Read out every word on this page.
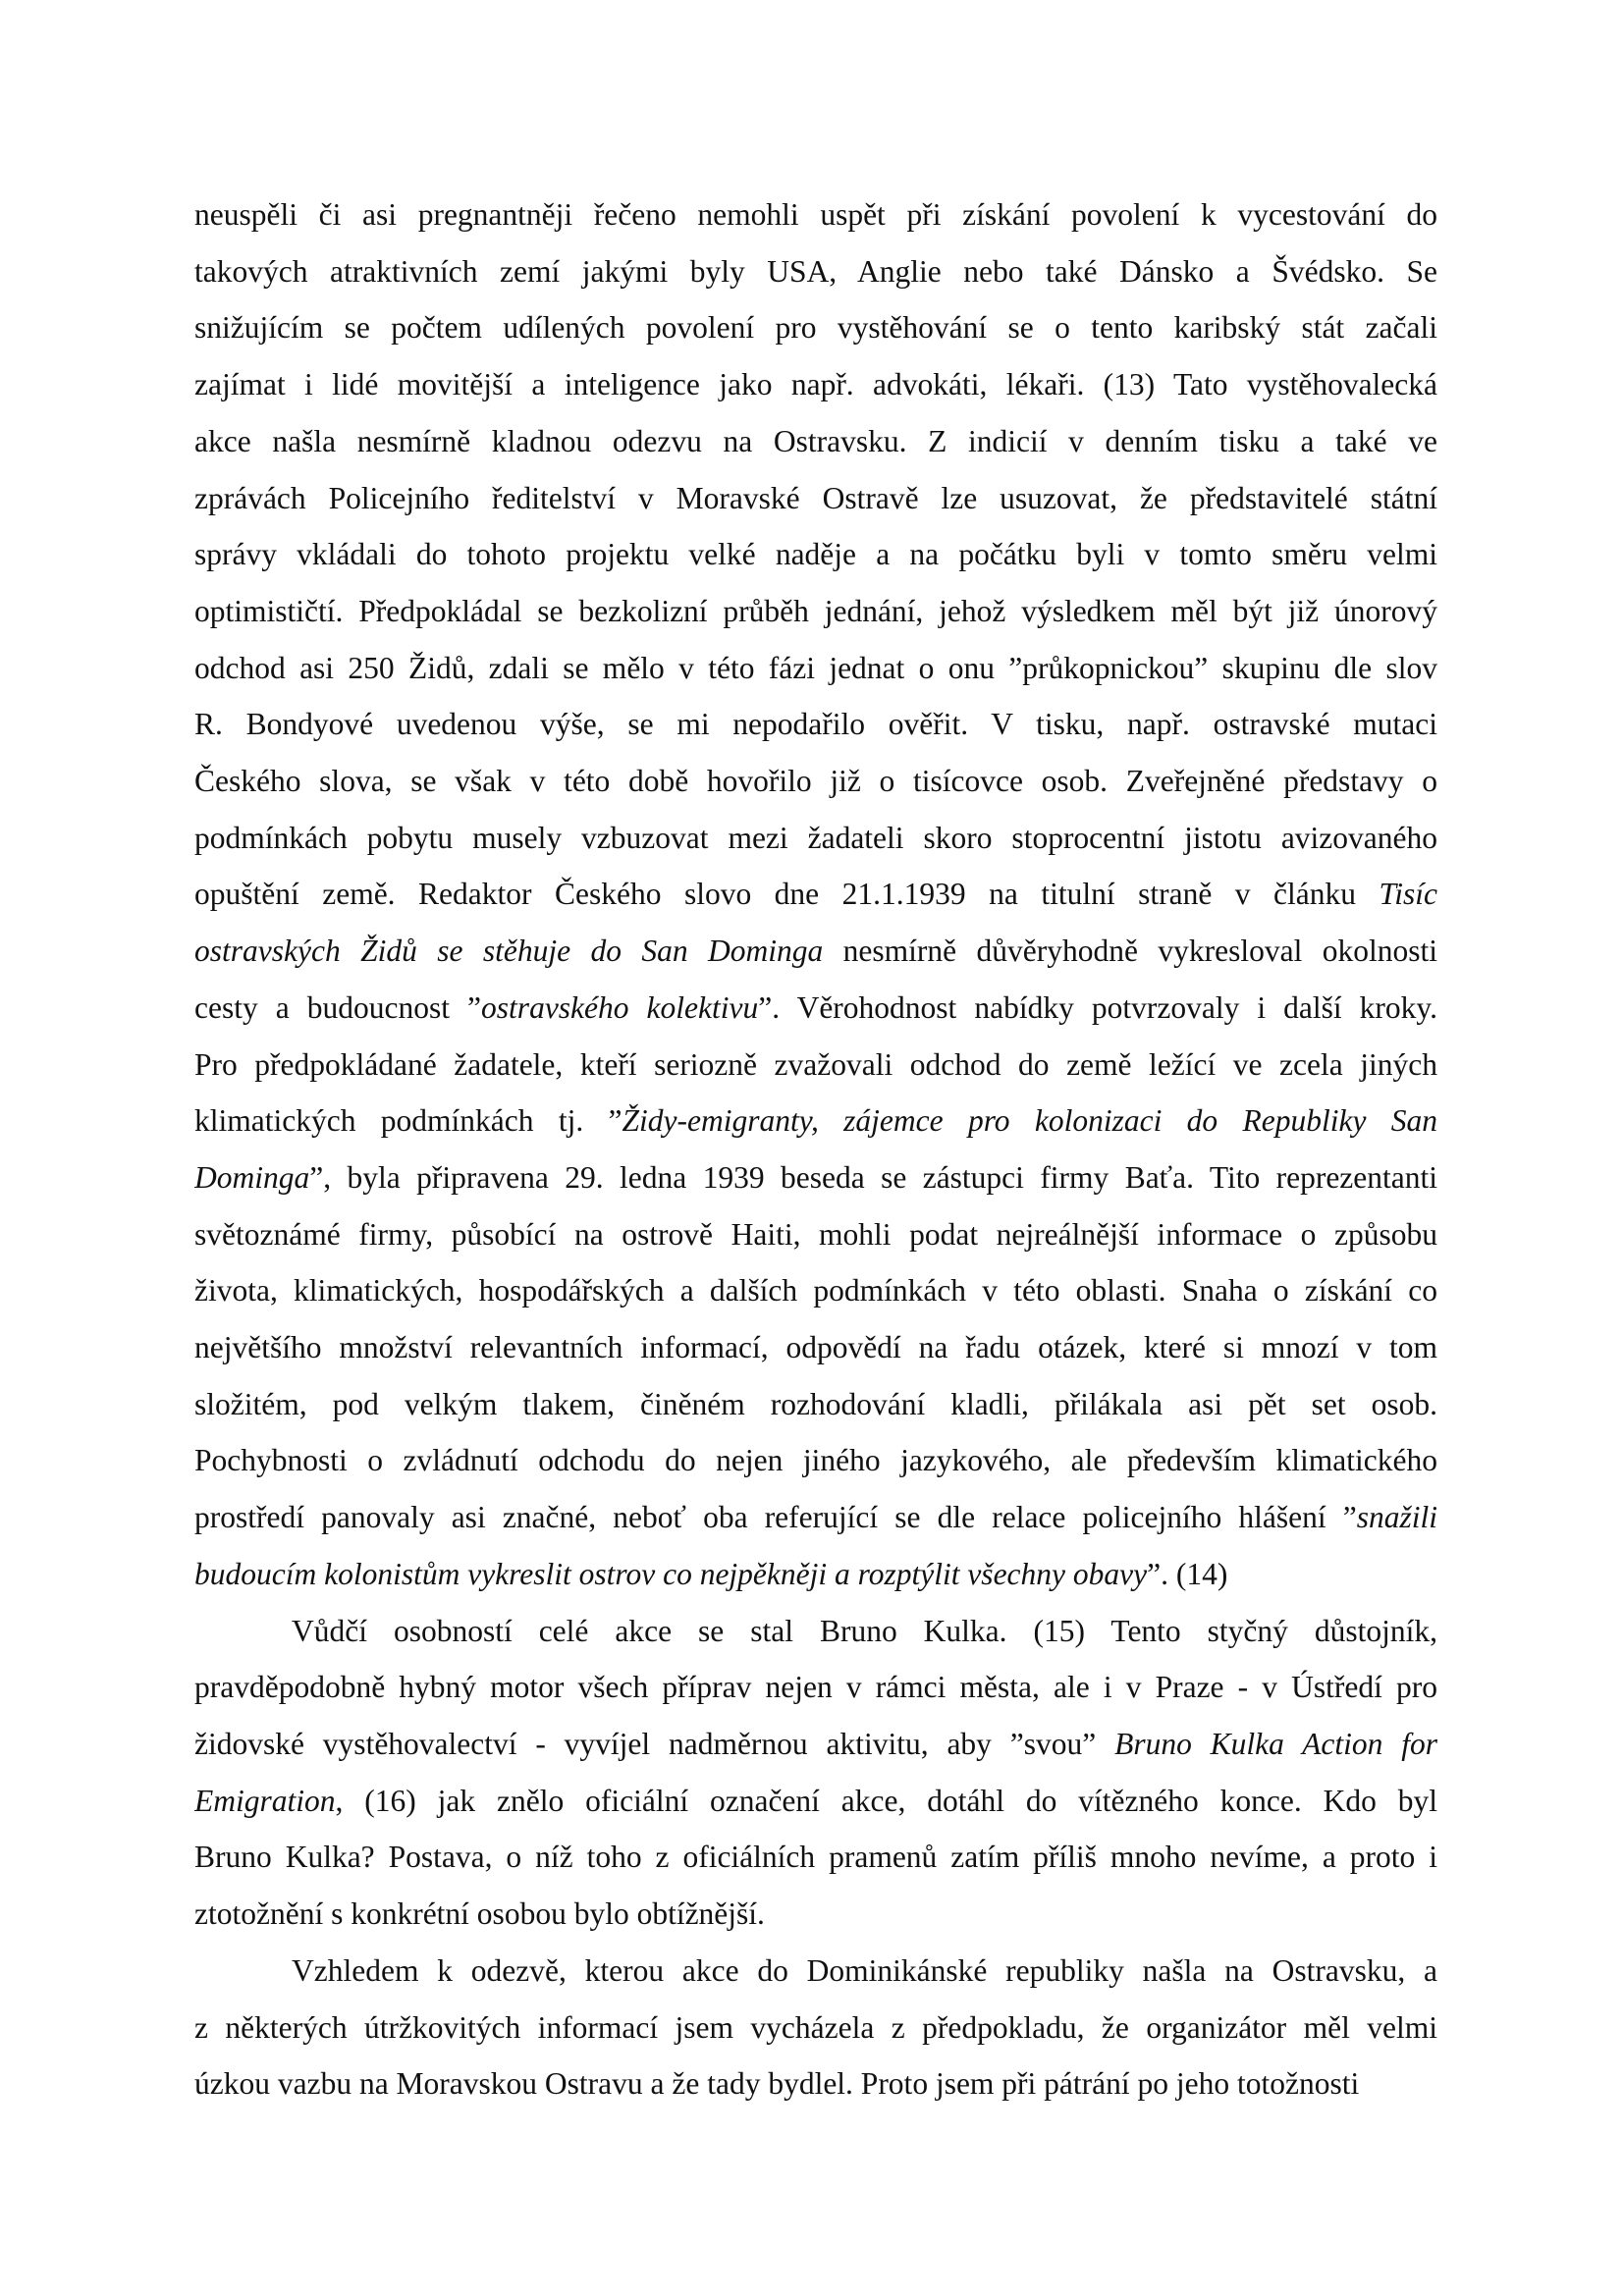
neuspěli či asi pregnantněji řečeno nemohli uspět při získání povolení k vycestování do
takových atraktivních zemí jakými byly USA, Anglie nebo také Dánsko a Švédsko. Se
snižujícím se počtem udílených povolení pro vystěhování se o tento karibský stát začali
zajímat i lidé movitější a inteligence jako např. advokáti, lékaři. (13) Tato vystěhovalecká
akce našla nesmírně kladnou odezvu na Ostravsku. Z indicií v denním tisku a také ve
zprávách Policejního ředitelství v Moravské Ostravě lze usuzovat, že představitelé státní
správy vkládali do tohoto projektu velké naděje a na počátku byli v tomto směru velmi
optimističtí. Předpokládal se bezkolizní průběh jednání, jehož výsledkem měl být již únorový
odchod asi 250 Židů, zdali se mělo v této fázi jednat o onu ”průkopnickou” skupinu dle slov
R. Bondyové uvedenou výše, se mi nepodařilo ověřit. V tisku, např. ostravské mutaci
Českého slova, se však v této době hovořilo již o tisícovce osob. Zveřejněné představy o
podmínkách pobytu musely vzbuzovat mezi žadateli skoro stoprocentní jistotu avizovaného
opuštění země. Redaktor Českého slovo dne 21.1.1939 na titulní straně v článku Tisíc
ostravských Židů se stěhuje do San Dominga nesmírně důvěryhodně vykresloval okolnosti
cesty a budoucnost ”ostravského kolektivu”. Věrohodnost nabídky potvrzovaly i další kroky.
Pro předpokládané žadatele, kteří seriozně zvažovali odchod do země ležící ve zcela jiných
klimatických podmínkách tj. ”Židy-emigranty, zájemce pro kolonizaci do Republiky San
Dominga”, byla připravena 29. ledna 1939 beseda se zástupci firmy Baťa. Tito reprezentanti
světoznámé firmy, působící na ostrově Haiti, mohli podat nejreálnější informace o způsobu
života, klimatických, hospodářských a dalších podmínkách v této oblasti. Snaha o získání co
největšího množství relevantních informací, odpovědí na řadu otázek, které si mnozí v tom
složitém, pod velkým tlakem, činěném rozhodování kladli, přilákala asi pět set osob.
Pochybnosti o zvládnutí odchodu do nejen jiného jazykového, ale především klimatického
prostředí panovaly asi značné, neboť oba referující se dle relace policejního hlášení ”snažili
budoucím kolonistům vykreslit ostrov co nejpěkněji a rozptýlit všechny obavy”. (14)
Vůdčí osobností celé akce se stal Bruno Kulka. (15) Tento styčný důstojník,
pravděpodobně hybný motor všech příprav nejen v rámci města, ale i v Praze - v Ústředí pro
židovské vystěhovalectví - vyvíjel nadměrnou aktivitu, aby ”svou” Bruno Kulka Action for
Emigration, (16) jak znělo oficiální označení akce, dotáhl do vítězného konce. Kdo byl
Bruno Kulka? Postava, o níž toho z oficiálních pramenů zatím příliš mnoho nevíme, a proto i
ztotožnění s konkrétní osobou bylo obtížnější.
Vzhledem k odezvě, kterou akce do Dominikánské republiky našla na Ostravsku, a
z některých útržkovitých informací jsem vycházela z předpokladu, že organizátor měl velmi
úzkou vazbu na Moravskou Ostravu a že tady bydlel. Proto jsem při pátrání po jeho totožnosti
